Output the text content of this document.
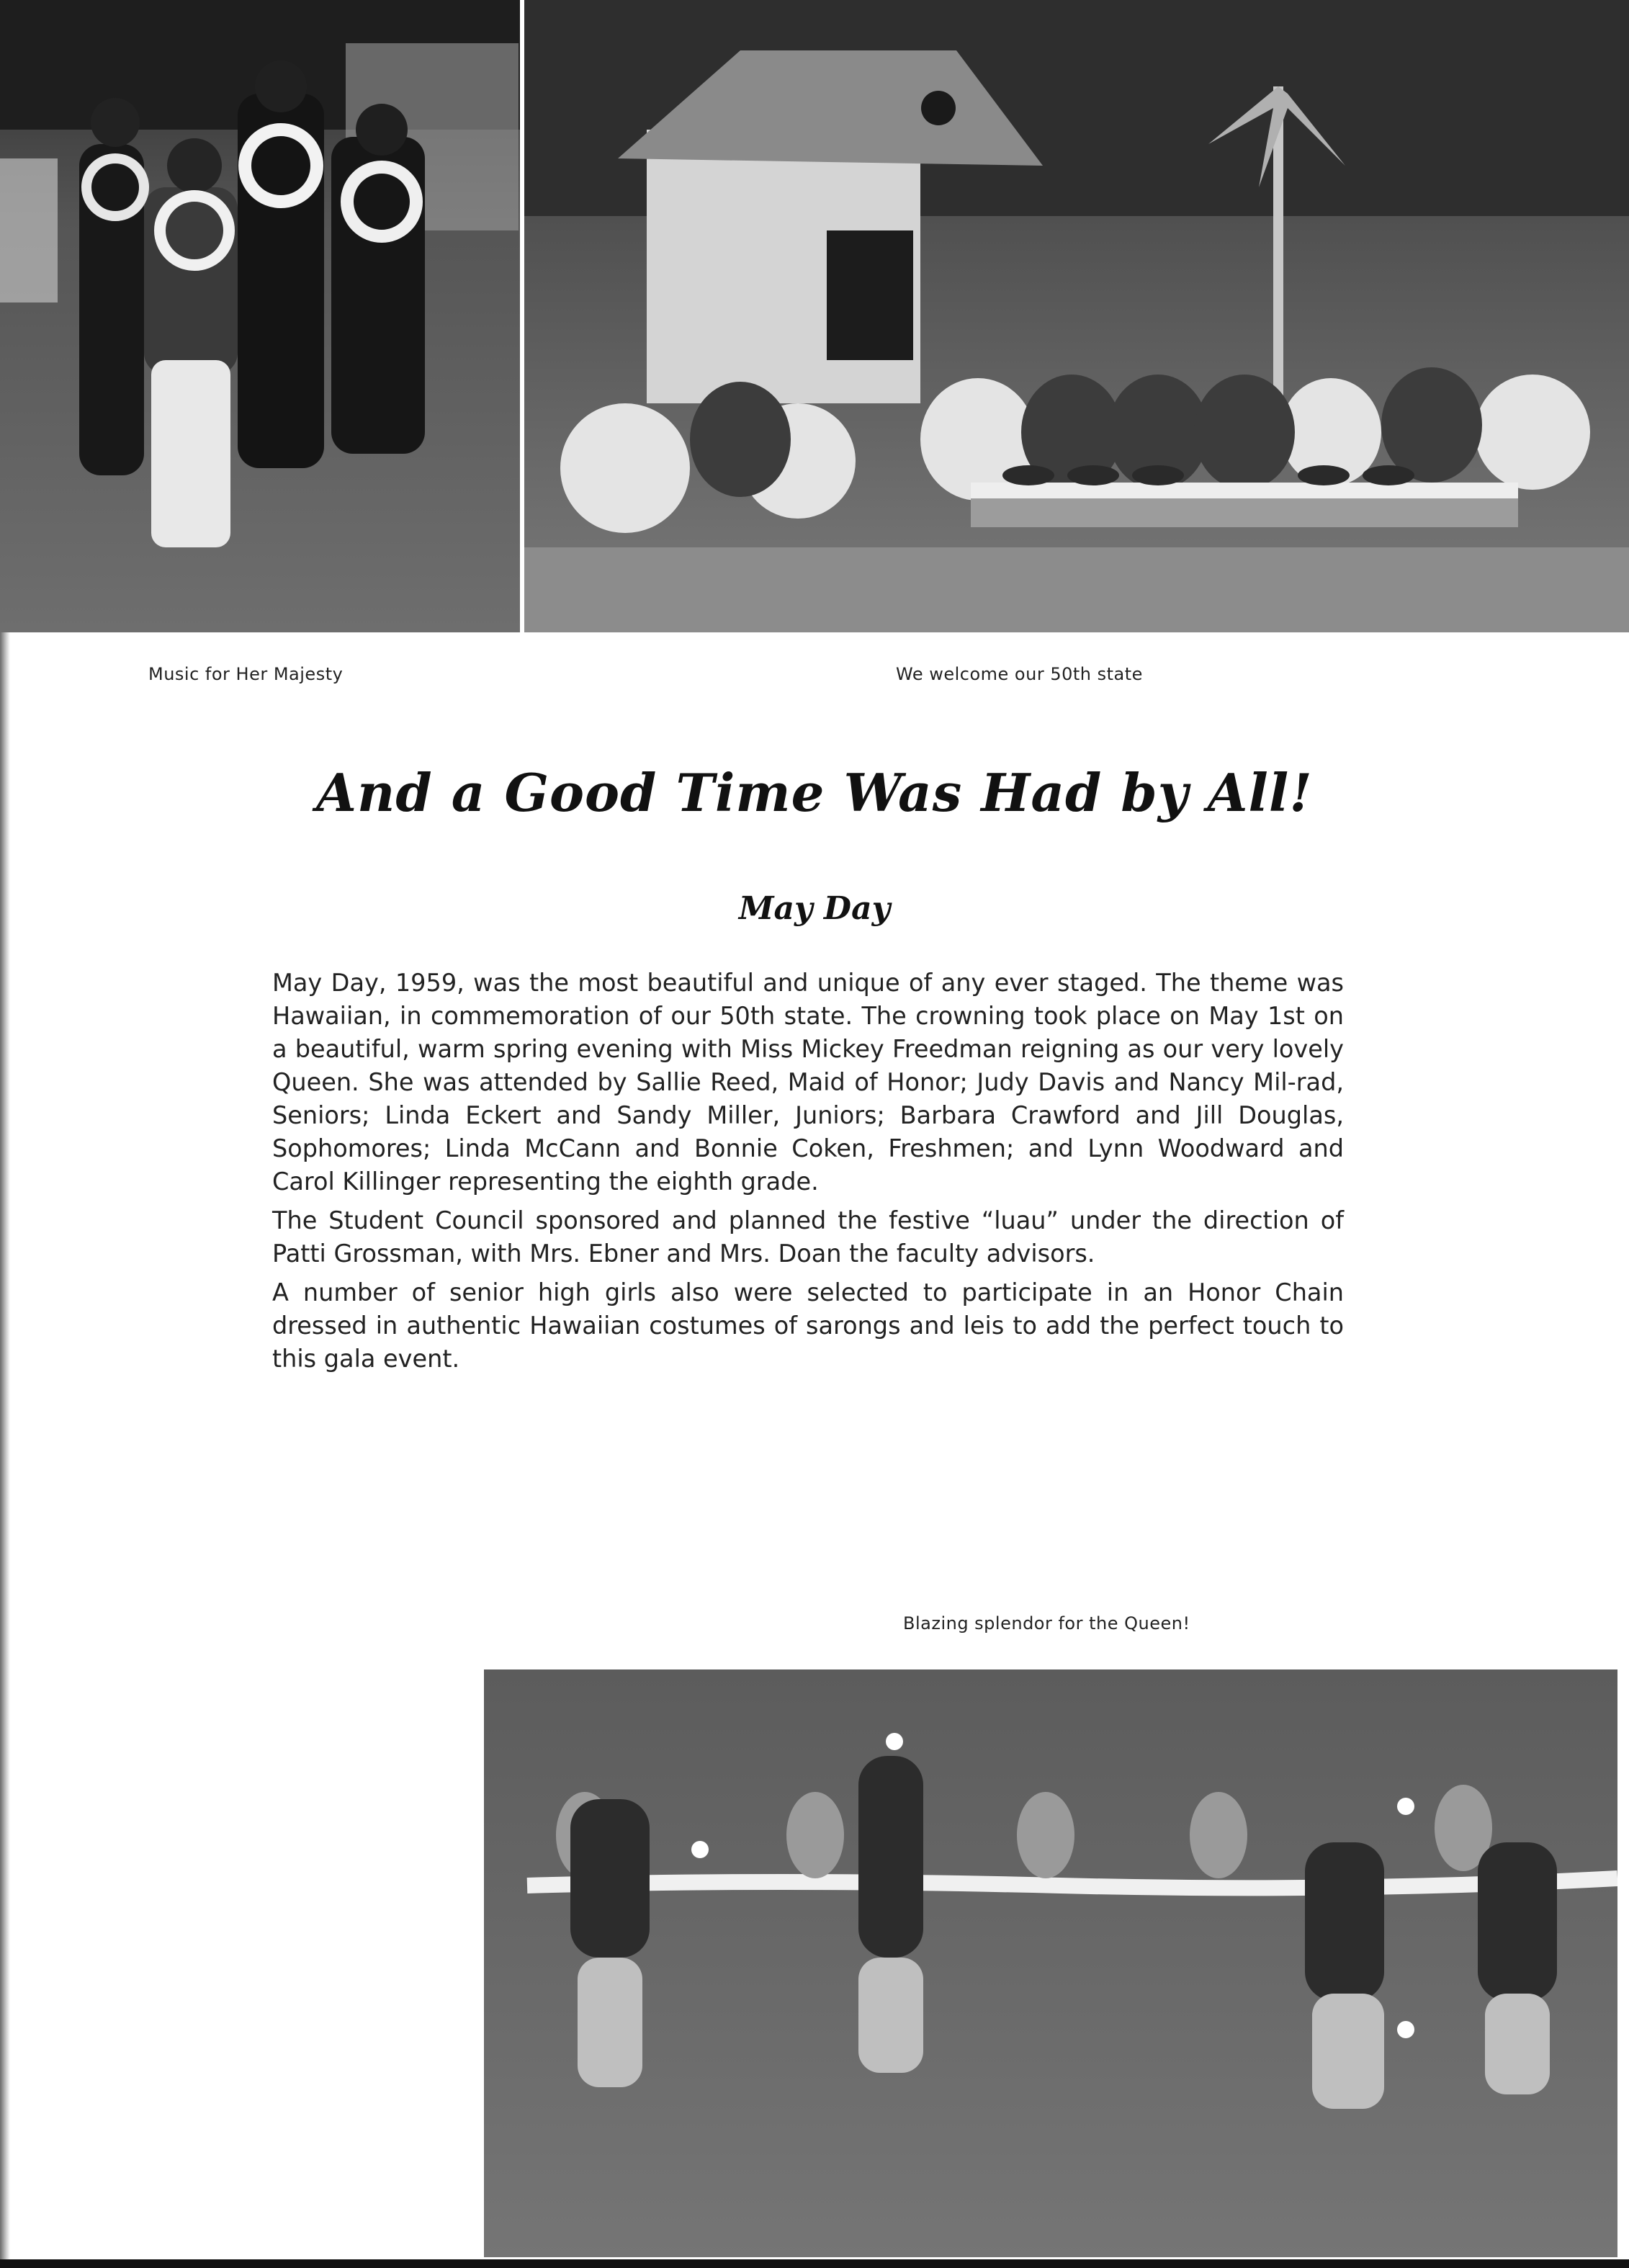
Music for Her Majesty	We welcome our 50th state
And a Good Time Was Had by All!
May Day

May Day, 1959, was the most beautiful and unique of any ever staged. The theme was Hawaiian, in commemoration of our 50th state. The crowning took place on May 1st on a beautiful, warm spring evening with Miss Mickey Freedman reigning as our very lovely Queen. She was attended by Sallie Reed, Maid of Honor; Judy Davis and Nancy Mil-rad, Seniors; Linda Eckert and Sandy Miller, Juniors; Barbara Crawford and Jill Douglas, Sophomores; Linda McCann and Bonnie Coken, Freshmen; and Lynn Woodward and Carol Killinger representing the eighth grade.

The Student Council sponsored and planned the festive “luau” under the direction of Patti Grossman, with Mrs. Ebner and Mrs. Doan the faculty advisors.

A number of senior high girls also were selected to participate in an Honor Chain dressed in authentic Hawaiian costumes of sarongs and leis to add the perfect touch to this gala event.

Blazing splendor for the Queen!
